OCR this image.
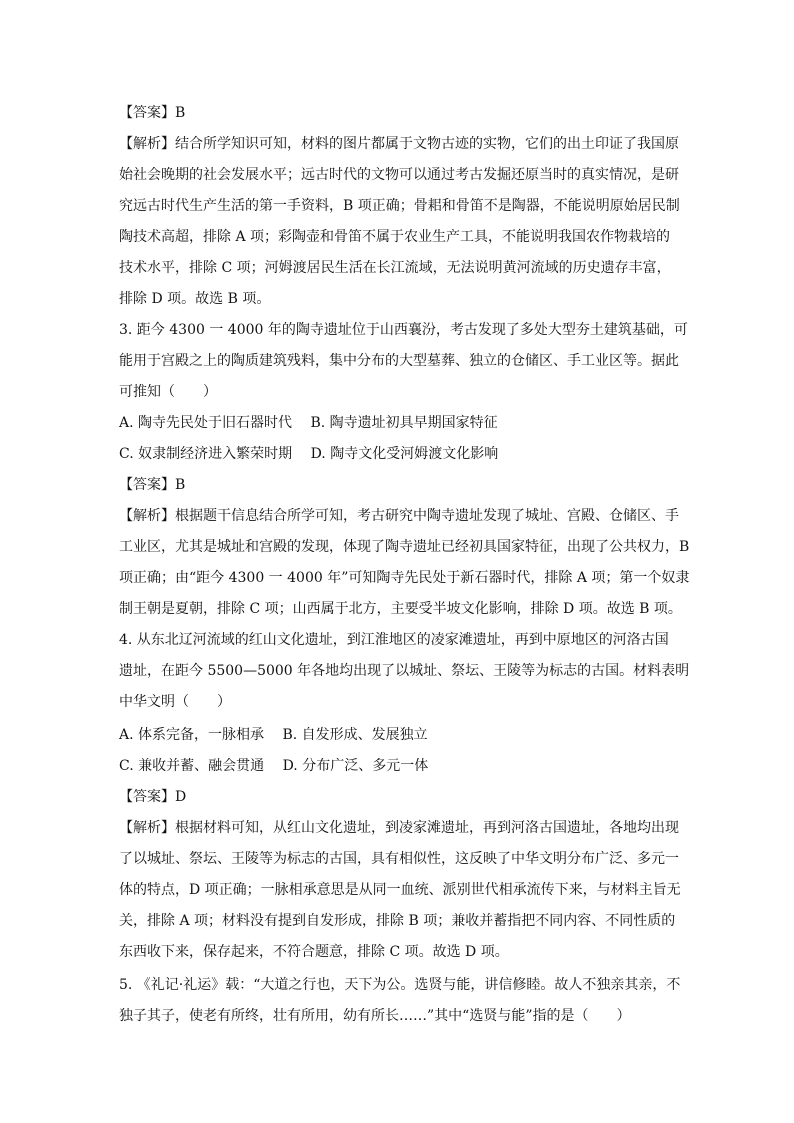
【答案】B
【解析】结合所学知识可知，材料的图片都属于文物古迹的实物，它们的出土印证了我国原
始社会晚期的社会发展水平；远古时代的文物可以通过考古发掘还原当时的真实情况，是研
究远古时代生产生活的第一手资料，B 项正确；骨耜和骨笛不是陶器，不能说明原始居民制
陶技术高超，排除 A 项；彩陶壶和骨笛不属于农业生产工具，不能说明我国农作物栽培的
技术水平，排除 C 项；河姆渡居民生活在长江流域，无法说明黄河流域的历史遗存丰富，
排除 D 项。故选 B 项。
3. 距今 4300 一 4000 年的陶寺遗址位于山西襄汾，考古发现了多处大型夯土建筑基础，可
能用于宫殿之上的陶质建筑残料，集中分布的大型墓葬、独立的仓储区、手工业区等。据此
可推知（　　）
A. 陶寺先民处于旧石器时代　 B. 陶寺遗址初具早期国家特征
C. 奴隶制经济进入繁荣时期　 D. 陶寺文化受河姆渡文化影响
【答案】B
【解析】根据题干信息结合所学可知，考古研究中陶寺遗址发现了城址、宫殿、仓储区、手
工业区，尤其是城址和宫殿的发现，体现了陶寺遗址已经初具国家特征，出现了公共权力，B
项正确；由“距今 4300 一 4000 年”可知陶寺先民处于新石器时代，排除 A 项；第一个奴隶
制王朝是夏朝，排除 C 项；山西属于北方，主要受半坡文化影响，排除 D 项。故选 B 项。
4. 从东北辽河流域的红山文化遗址，到江淮地区的凌家滩遗址，再到中原地区的河洛古国
遗址，在距今 5500—5000 年各地均出现了以城址、祭坛、王陵等为标志的古国。材料表明
中华文明（　　）
A. 体系完备，一脉相承　 B. 自发形成、发展独立
C. 兼收并蓄、融会贯通　 D. 分布广泛、多元一体
【答案】D
【解析】根据材料可知，从红山文化遗址，到凌家滩遗址，再到河洛古国遗址，各地均出现
了以城址、祭坛、王陵等为标志的古国，具有相似性，这反映了中华文明分布广泛、多元一
体的特点，D 项正确；一脉相承意思是从同一血统、派别世代相承流传下来，与材料主旨无
关，排除 A 项；材料没有提到自发形成，排除 B 项；兼收并蓄指把不同内容、不同性质的
东西收下来，保存起来，不符合题意，排除 C 项。故选 D 项。
5. 《礼记·礼运》载：“大道之行也，天下为公。选贤与能，讲信修睦。故人不独亲其亲，不
独子其子，使老有所终，壮有所用，幼有所长……”其中“选贤与能”指的是（　　）
